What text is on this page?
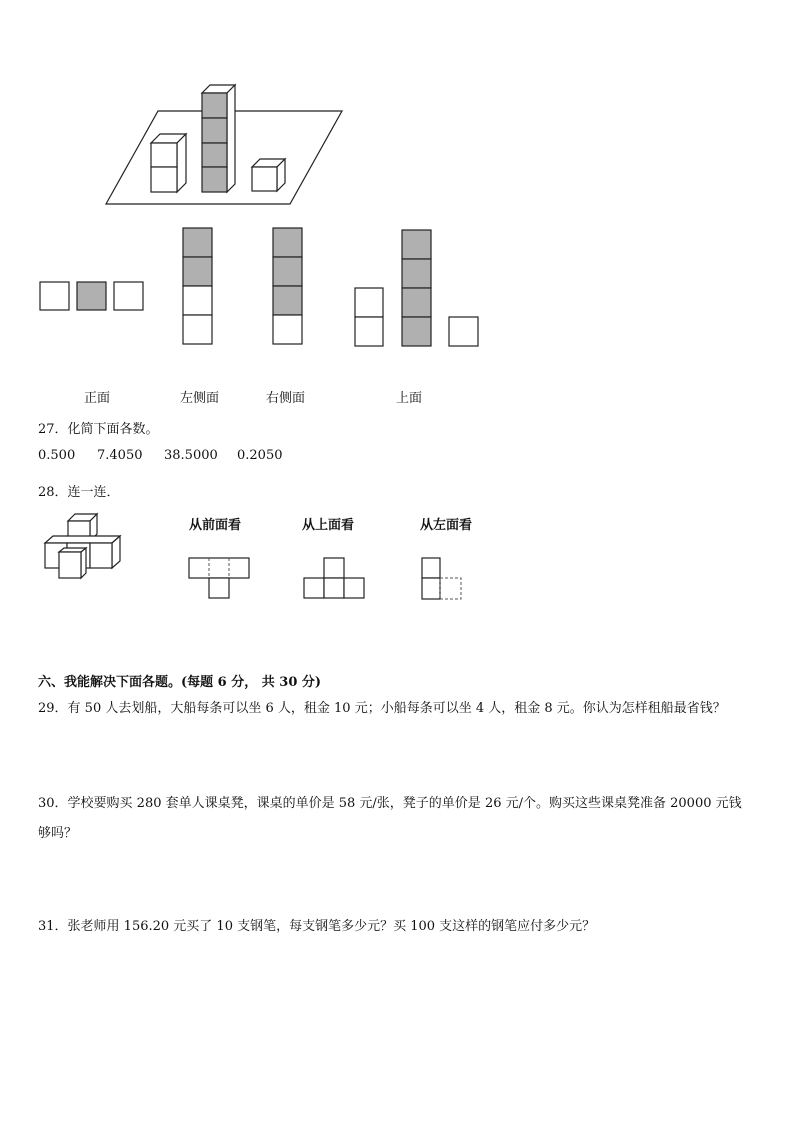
正面	左侧面	右侧面	上面
27．化简下面各数。
0.500 7.4050 38.5000 0.2050
28．连一连．
从前面看	从上面看	从左面看
六、我能解决下面各题。(每题 6 分， 共 30 分)
29．有 50 人去划船，大船每条可以坐 6 人，租金 10 元；小船每条可以坐 4 人，租金 8 元。你认为怎样租船最省钱？
30．学校要购买 280 套单人课桌凳，课桌的单价是 58 元/张，凳子的单价是 26 元/个。购买这些课桌凳准备 20000 元钱
够吗？
31．张老师用 156.20 元买了 10 支钢笔，每支钢笔多少元？买 100 支这样的钢笔应付多少元？
